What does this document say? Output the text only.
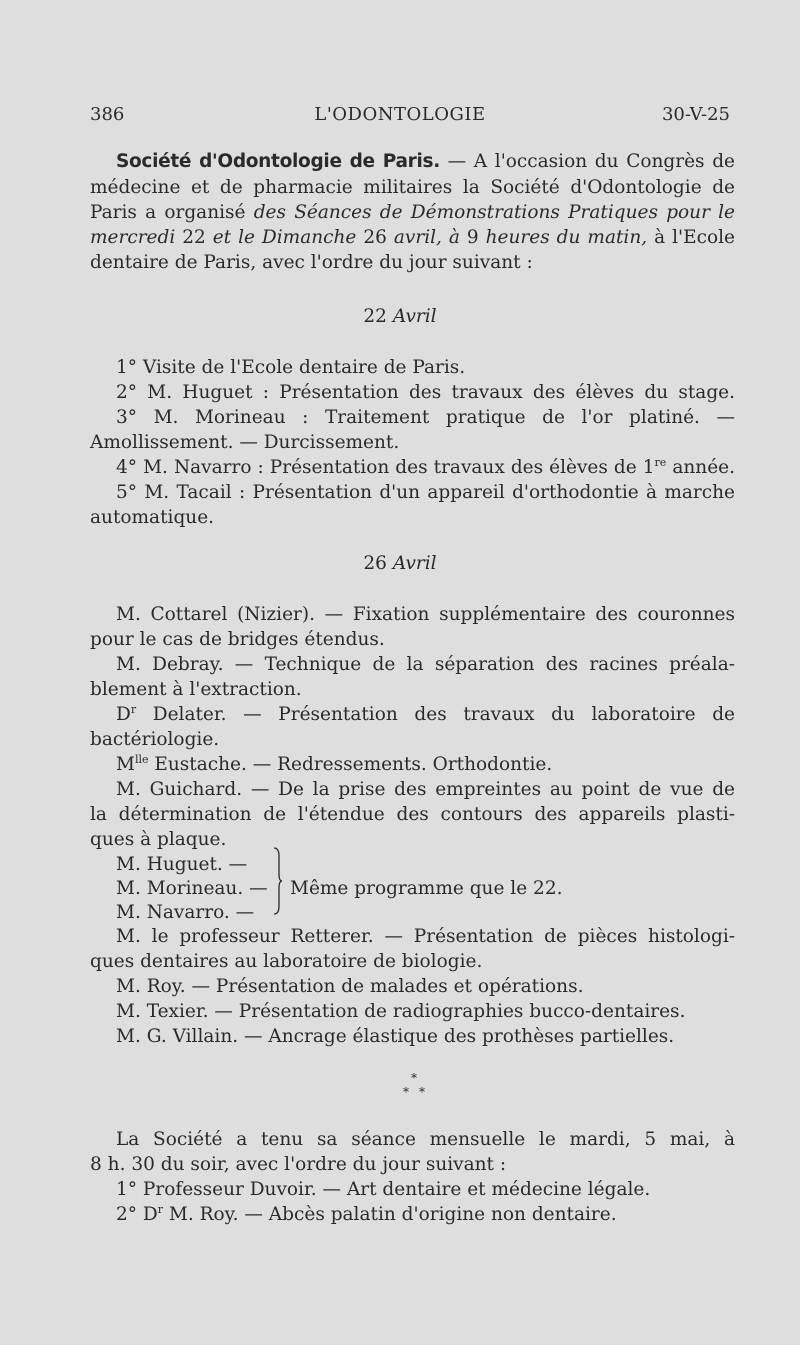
386	L'ODONTOLOGIE	30-V-25
Société d'Odontologie de Paris. — A l'occasion du Congrès de
médecine et de pharmacie militaires la Société d'Odontologie de
Paris a organisé des Séances de Démonstrations Pratiques pour le
mercredi 22 et le Dimanche 26 avril, à 9 heures du matin, à l'Ecole
dentaire de Paris, avec l'ordre du jour suivant :
22 Avril
1° Visite de l'Ecole dentaire de Paris.
2° M. Huguet : Présentation des travaux des élèves du stage.
3° M. Morineau : Traitement pratique de l'or platiné. —
Amollissement. — Durcissement.
4° M. Navarro : Présentation des travaux des élèves de 1re année.
5° M. Tacail : Présentation d'un appareil d'orthodontie à marche
automatique.
26 Avril
M. Cottarel (Nizier). — Fixation supplémentaire des couronnes
pour le cas de bridges étendus.
M. Debray. — Technique de la séparation des racines préala-
blement à l'extraction.
$D^r$ Delater. — Présentation des travaux du laboratoire de
bactériologie.
$M^{lle}$ Eustache. — Redressements. Orthodontie.
M. Guichard. — De la prise des empreintes au point de vue de
la détermination de l'étendue des contours des appareils plasti-
ques à plaque.
M. Huguet. —
M. Morineau. —
M. Navarro. —
Même programme que le 22.
M. le professeur Retterer. — Présentation de pièces histologi-
ques dentaires au laboratoire de biologie.
M. Roy. — Présentation de malades et opérations.
M. Texier. — Présentation de radiographies bucco-dentaires.
M. G. Villain. — Ancrage élastique des prothèses partielles.
*
* *
La Société a tenu sa séance mensuelle le mardi, 5 mai, à
8 h. 30 du soir, avec l'ordre du jour suivant :
1° Professeur Duvoir. — Art dentaire et médecine légale.
2° $D^r$ M. Roy. — Abcès palatin d'origine non dentaire.
